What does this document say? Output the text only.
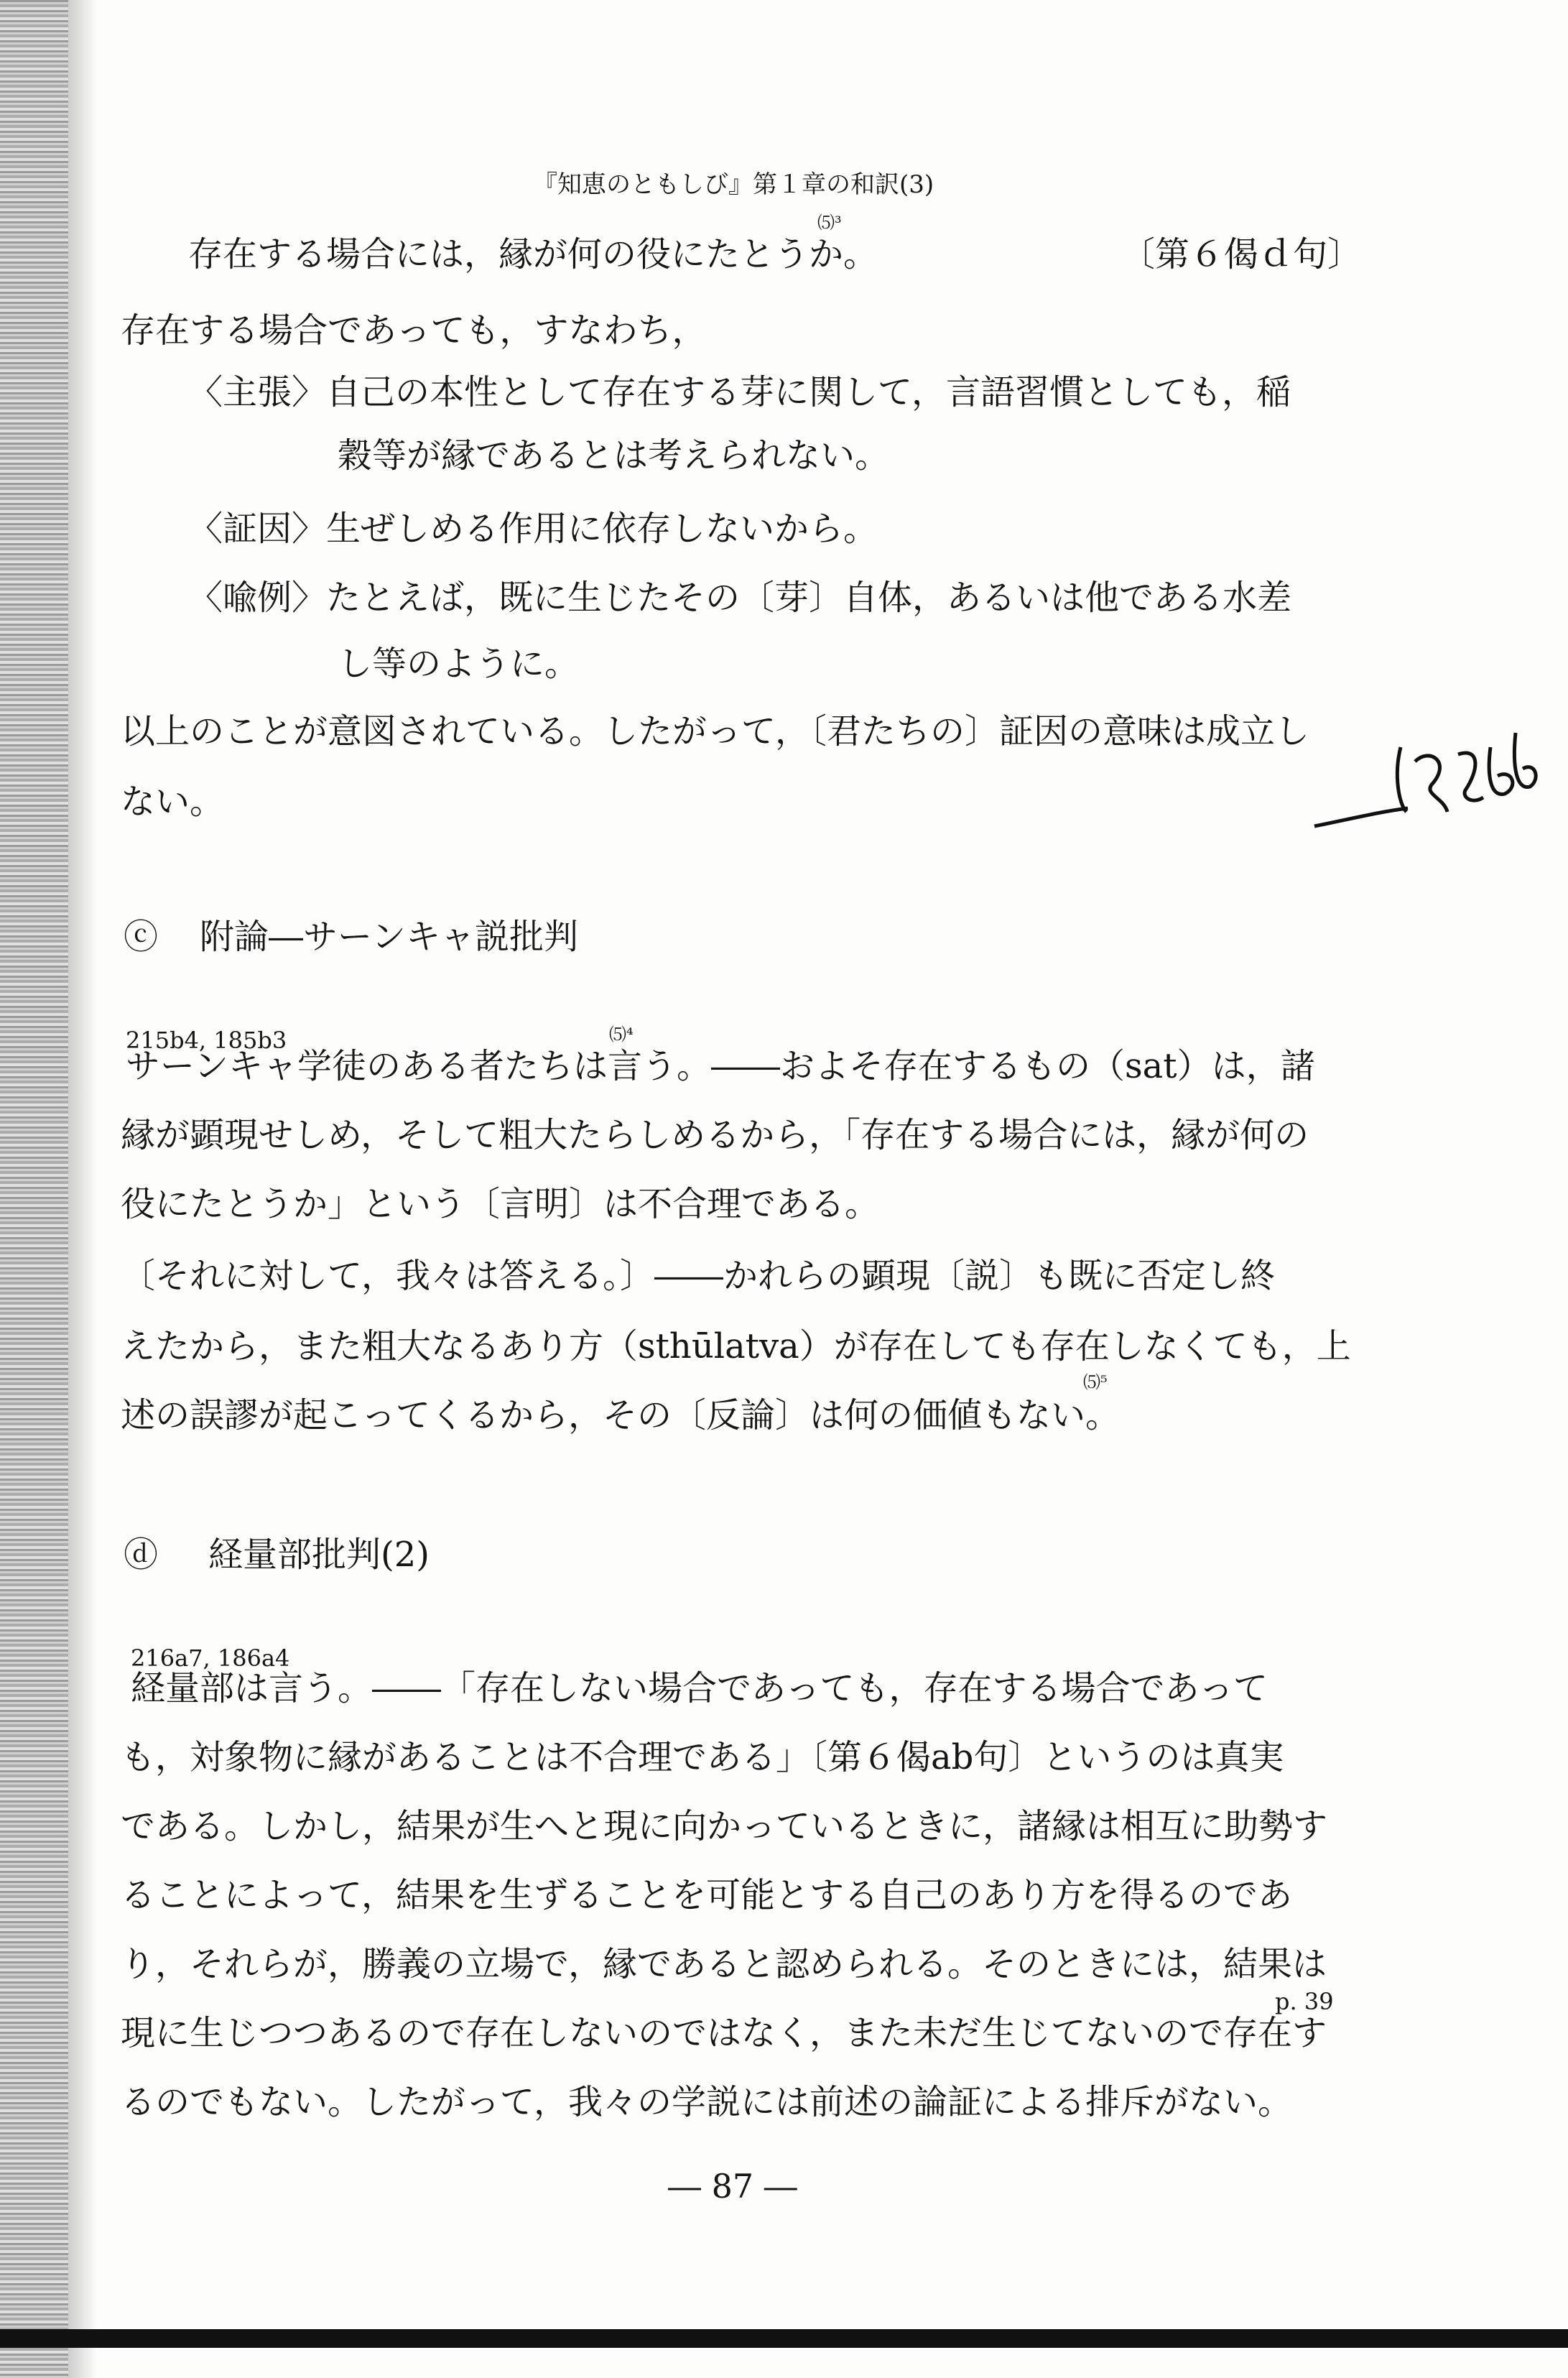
『知恵のともしび』第１章の和訳(3)
⑸³
存在する場合には，縁が何の役にたとうか。	〔第６偈ｄ句〕
存在する場合であっても，すなわち，
〈主張〉自己の本性として存在する芽に関して，言語習慣としても，稲
穀等が縁であるとは考えられない。
〈証因〉生ぜしめる作用に依存しないから。
〈喩例〉たとえば，既に生じたその〔芽〕自体，あるいは他である水差
し等のように。
以上のことが意図されている。したがって，〔君たちの〕証因の意味は成立し
ない。
ⓒ 附論―サーンキャ説批判
215b4, 185b3	⑸⁴
サーンキャ学徒のある者たちは言う。――およそ存在するもの（sat）は，諸
縁が顕現せしめ，そして粗大たらしめるから，「存在する場合には，縁が何の
役にたとうか」という〔言明〕は不合理である。
〔それに対して，我々は答える。〕――かれらの顕現〔説〕も既に否定し終
えたから，また粗大なるあり方（sthūlatva）が存在しても存在しなくても，上
⑸⁵
述の誤謬が起こってくるから，その〔反論〕は何の価値もない。
ⓓ 経量部批判(2)
216a7, 186a4
経量部は言う。――「存在しない場合であっても，存在する場合であって
も，対象物に縁があることは不合理である」〔第６偈ab句〕というのは真実
である。しかし，結果が生へと現に向かっているときに，諸縁は相互に助勢す
ることによって，結果を生ずることを可能とする自己のあり方を得るのであ
り，それらが，勝義の立場で，縁であると認められる。そのときには，結果は
p. 39
現に生じつつあるので存在しないのではなく，また未だ生じてないので存在す
るのでもない。したがって，我々の学説には前述の論証による排斥がない。
― 87 ―
